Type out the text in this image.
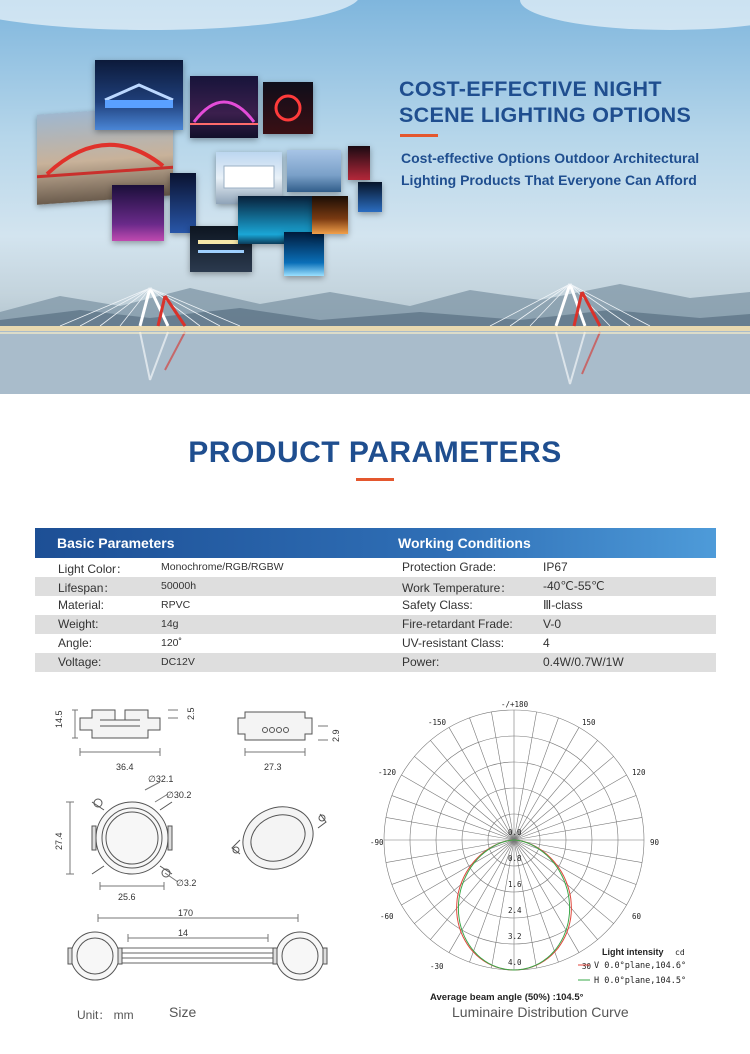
COST-EFFECTIVE NIGHT
SCENE LIGHTING OPTIONS
Cost-effective Options Outdoor Architectural
Lighting Products That Everyone Can Afford
PRODUCT PARAMETERS
Basic Parameters	Working Conditions
Light Color：	Monochrome/RGB/RGBW	Protection Grade:	IP67
Lifespan：	50000h	Work Temperature：	-40℃-55℃
Material:	RPVC	Safety Class:	Ⅲ-class
Weight:	14g	Fire-retardant Frade:	V-0
Angle:	120˚	UV-resistant Class:	4
Voltage:	DC12V	Power:	0.4W/0.7W/1W
14.5	2.5
36.4
2.9
27.3
∅32.1
∅30.2
27.4
25.6
∅3.2
170
14
Unit： mm	Size
-/+180
-150	150
-120	120
-90	90
-60	60
-30	30
0.0
0.8
1.6
2.4
3.2
4.0
Light intensity cd
V 0.0°plane,104.6°
H 0.0°plane,104.5°
Average beam angle (50%) :104.5°
Luminaire Distribution Curve
